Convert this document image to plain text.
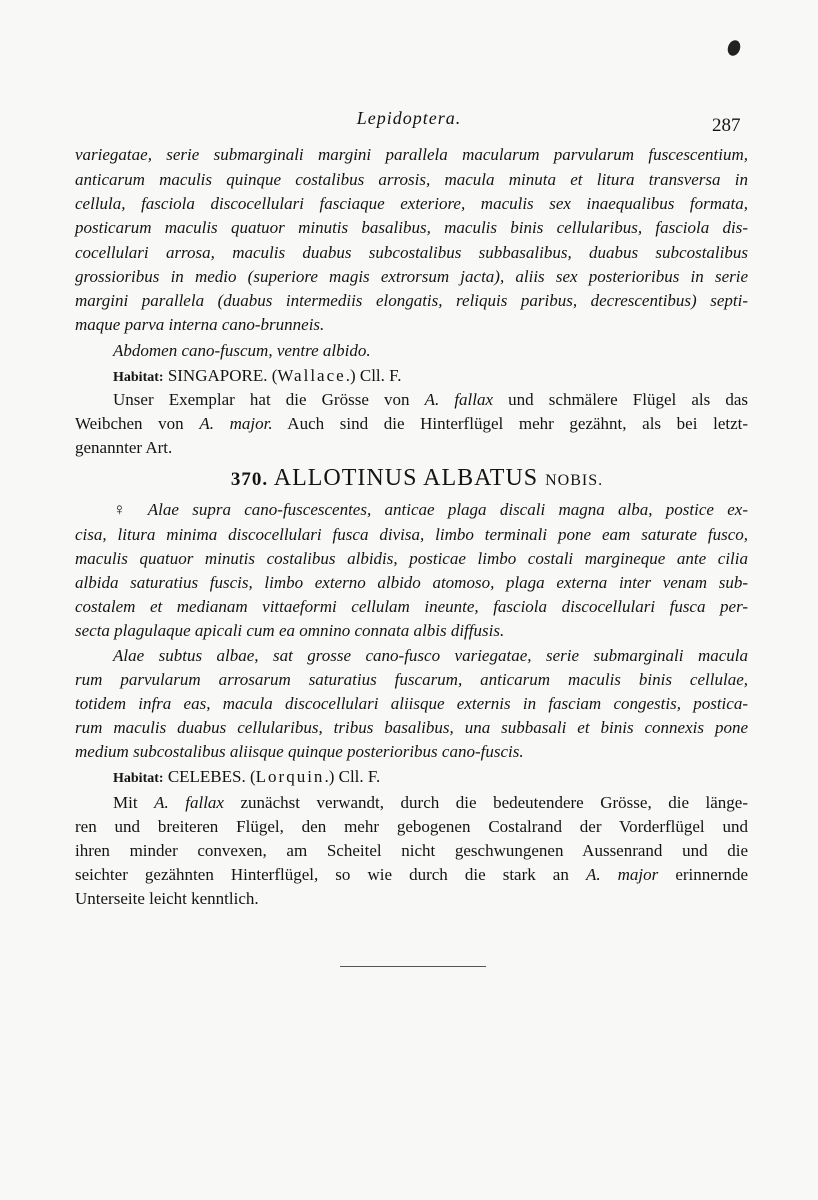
Lepidoptera.	287
370. ALLOTINUS ALBATUS NOBIS.
variegatae, serie submarginali margini parallela macularum parvularum fuscescentium,
anticarum maculis quinque costalibus arrosis, macula minuta et litura transversa in
cellula, fasciola discocellulari fasciaque exteriore, maculis sex inaequalibus formata,
posticarum maculis quatuor minutis basalibus, maculis binis cellularibus, fasciola dis-
cocellulari arrosa, maculis duabus subcostalibus subbasalibus, duabus subcostalibus
grossioribus in medio (superiore magis extrorsum jacta), aliis sex posterioribus in serie
margini parallela (duabus intermediis elongatis, reliquis paribus, decrescentibus) septi-
maque parva interna cano-brunneis.
Abdomen cano-fuscum, ventre albido.
Habitat: SINGAPORE. (Wallace.) Cll. F.
Unser Exemplar hat die Grösse von A. fallax und schmälere Flügel als das
Weibchen von A. major. Auch sind die Hinterflügel mehr gezähnt, als bei letzt-
genannter Art.
♀ Alae supra cano-fuscescentes, anticae plaga discali magna alba, postice ex-
cisa, litura minima discocellulari fusca divisa, limbo terminali pone eam saturate fusco,
maculis quatuor minutis costalibus albidis, posticae limbo costali margineque ante cilia
albida saturatius fuscis, limbo externo albido atomoso, plaga externa inter venam sub-
costalem et medianam vittaeformi cellulam ineunte, fasciola discocellulari fusca per-
secta plagulaque apicali cum ea omnino connata albis diffusis.
Alae subtus albae, sat grosse cano-fusco variegatae, serie submarginali macula
rum parvularum arrosarum saturatius fuscarum, anticarum maculis binis cellulae,
totidem infra eas, macula discocellulari aliisque externis in fasciam congestis, postica-
rum maculis duabus cellularibus, tribus basalibus, una subbasali et binis connexis pone
medium subcostalibus aliisque quinque posterioribus cano-fuscis.
Habitat: CELEBES. (Lorquin.) Cll. F.
Mit A. fallax zunächst verwandt, durch die bedeutendere Grösse, die länge-
ren und breiteren Flügel, den mehr gebogenen Costalrand der Vorderflügel und
ihren minder convexen, am Scheitel nicht geschwungenen Aussenrand und die
seichter gezähnten Hinterflügel, so wie durch die stark an A. major erinnernde
Unterseite leicht kenntlich.
